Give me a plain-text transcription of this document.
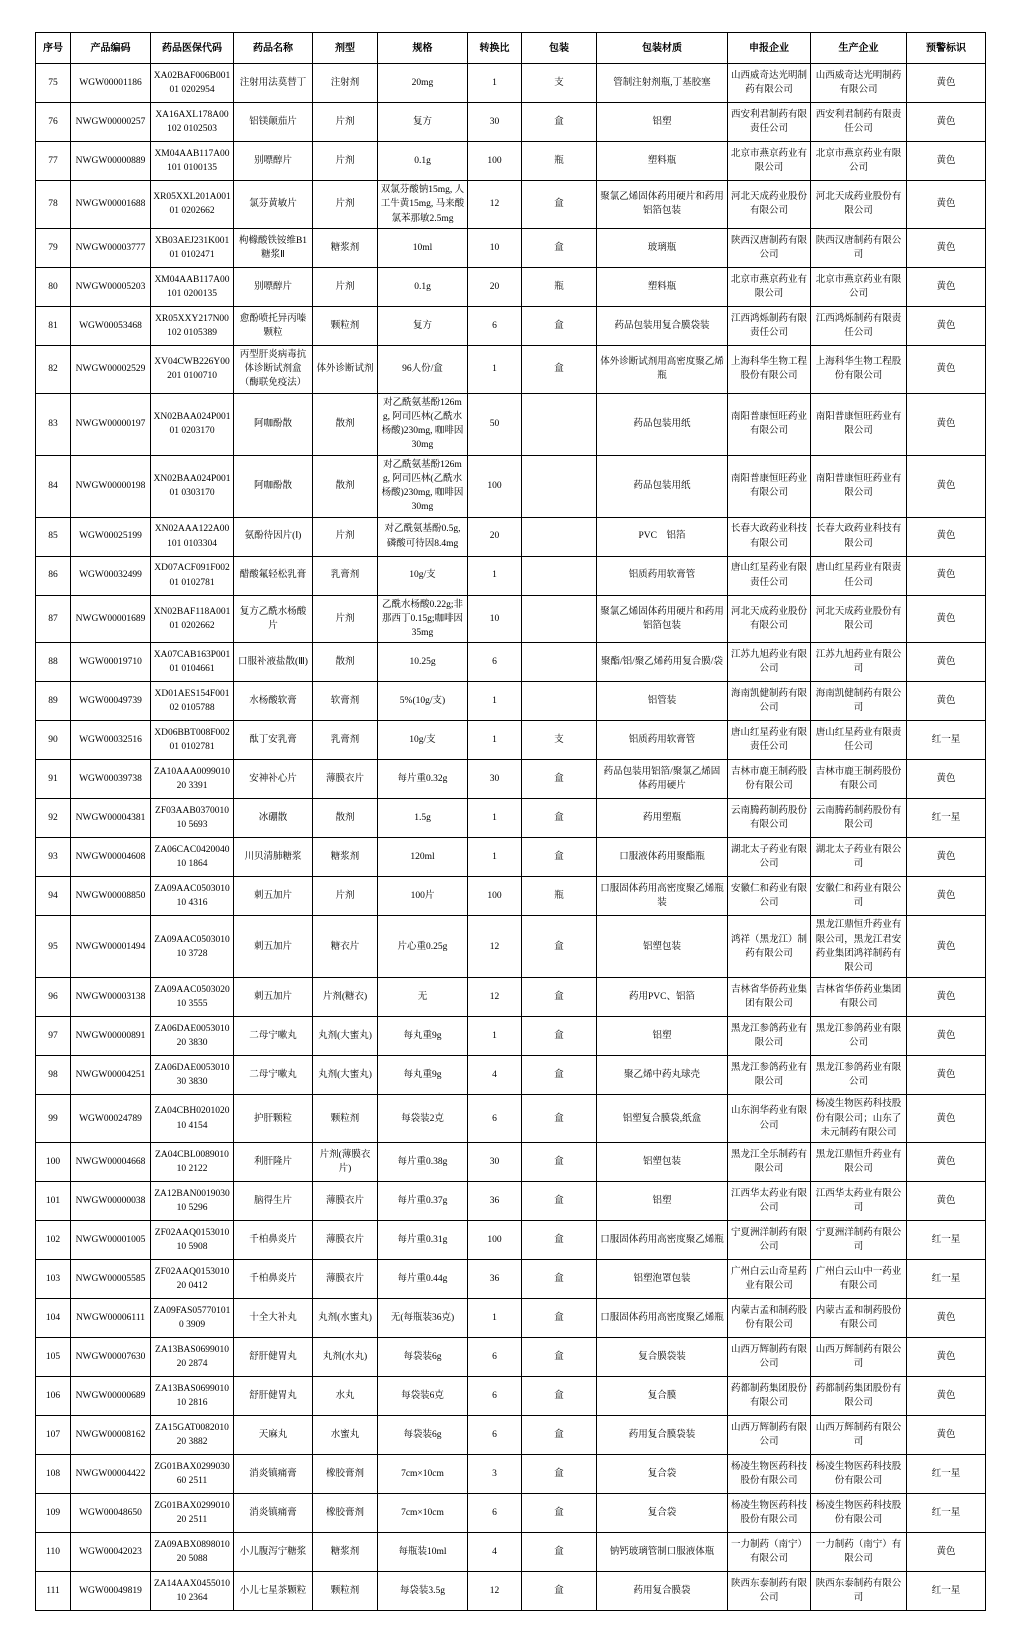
序号	产品编码	药品医保代码	药品名称	剂型	规格	转换比	包装	包装材质	申报企业	生产企业	预警标识
75	WGW00001186	XA02BAF006B00101 0202954	注射用法莫替丁	注射剂	20mg	1	支	管制注射剂瓶,丁基胶塞	山西威奇达光明制药有限公司	山西威奇达光明制药有限公司	黄色
76	NWGW00000257	XA16AXL178A00102 0102503	铝镁颠茄片	片剂	复方	30	盒	铝塑	西安利君制药有限责任公司	西安利君制药有限责任公司	黄色
77	NWGW00000889	XM04AAB117A00101 0100135	别嘌醇片	片剂	0.1g	100	瓶	塑料瓶	北京市燕京药业有限公司	北京市燕京药业有限公司	黄色
78	NWGW00001688	XR05XXL201A00101 0202662	氯芬黄敏片	片剂	双氯芬酸钠15mg, 人工牛黄15mg, 马来酸氯苯那敏2.5mg	12	盒	聚氯乙烯固体药用硬片和药用铝箔包装	河北天成药业股份有限公司	河北天成药业股份有限公司	黄色
79	NWGW00003777	XB03AEJ231K00101 0102471	枸橼酸铁铵维B1糖浆Ⅱ	糖浆剂	10ml	10	盒	玻璃瓶	陕西汉唐制药有限公司	陕西汉唐制药有限公司	黄色
80	NWGW00005203	XM04AAB117A00101 0200135	别嘌醇片	片剂	0.1g	20	瓶	塑料瓶	北京市燕京药业有限公司	北京市燕京药业有限公司	黄色
81	WGW00053468	XR05XXY217N00102 0105389	愈酚喷托异丙嗪颗粒	颗粒剂	复方	6	盒	药品包装用复合膜袋装	江西鸿烁制药有限责任公司	江西鸿烁制药有限责任公司	黄色
82	NWGW00002529	XV04CWB226Y00201 0100710	丙型肝炎病毒抗体诊断试剂盒（酶联免疫法）	体外诊断试剂	96人份/盒	1	盒	体外诊断试剂用高密度聚乙烯瓶	上海科华生物工程股份有限公司	上海科华生物工程股份有限公司	黄色
83	NWGW00000197	XN02BAA024P00101 0203170	阿咖酚散	散剂	对乙酰氨基酚126mg, 阿司匹林(乙酰水杨酸)230mg, 咖啡因30mg	50		药品包装用纸	南阳普康恒旺药业有限公司	南阳普康恒旺药业有限公司	黄色
84	NWGW00000198	XN02BAA024P00101 0303170	阿咖酚散	散剂	对乙酰氨基酚126mg, 阿司匹林(乙酰水杨酸)230mg, 咖啡因30mg	100		药品包装用纸	南阳普康恒旺药业有限公司	南阳普康恒旺药业有限公司	黄色
85	WGW00025199	XN02AAA122A00101 0103304	氨酚待因片(Ⅰ)	片剂	对乙酰氨基酚0.5g, 磷酸可待因8.4mg	20		PVC　铝箔	长春大政药业科技有限公司	长春大政药业科技有限公司	黄色
86	WGW00032499	XD07ACF091F00201 0102781	醋酸氟轻松乳膏	乳膏剂	10g/支	1		铝质药用软膏管	唐山红星药业有限责任公司	唐山红星药业有限责任公司	黄色
87	NWGW00001689	XN02BAF118A00101 0202662	复方乙酰水杨酸片	片剂	乙酰水杨酸0.22g;非那西丁0.15g;咖啡因35mg	10		聚氯乙烯固体药用硬片和药用铝箔包装	河北天成药业股份有限公司	河北天成药业股份有限公司	黄色
88	WGW00019710	XA07CAB163P00101 0104661	口服补液盐散(Ⅲ)	散剂	10.25g	6		聚酯/铝/聚乙烯药用复合膜/袋	江苏九旭药业有限公司	江苏九旭药业有限公司	黄色
89	WGW00049739	XD01AES154F00102 0105788	水杨酸软膏	软膏剂	5%(10g/支)	1		铝管装	海南凯健制药有限公司	海南凯健制药有限公司	黄色
90	WGW00032516	XD06BBT008F00201 0102781	酞丁安乳膏	乳膏剂	10g/支	1	支	铝质药用软膏管	唐山红星药业有限责任公司	唐山红星药业有限责任公司	红一星
91	WGW00039738	ZA10AAA009901020 3391	安神补心片	薄膜衣片	每片重0.32g	30	盒	药品包装用铝箔/聚氯乙烯固体药用硬片	吉林市鹿王制药股份有限公司	吉林市鹿王制药股份有限公司	黄色
92	NWGW00004381	ZF03AAB037001010 5693	冰硼散	散剂	1.5g	1	盒	药用塑瓶	云南腾药制药股份有限公司	云南腾药制药股份有限公司	红一星
93	NWGW00004608	ZA06CAC042004010 1864	川贝清肺糖浆	糖浆剂	120ml	1	盒	口服液体药用聚酯瓶	湖北太子药业有限公司	湖北太子药业有限公司	黄色
94	NWGW00008850	ZA09AAC050301010 4316	刺五加片	片剂	100片	100	瓶	口服固体药用高密度聚乙烯瓶装	安徽仁和药业有限公司	安徽仁和药业有限公司	黄色
95	NWGW00001494	ZA09AAC050301010 3728	刺五加片	糖衣片	片心重0.25g	12	盒	铝塑包装	鸿祥（黑龙江）制药有限公司	黑龙江鼎恒升药业有限公司，黑龙江君安药业集团鸿祥制药有限公司	黄色
96	NWGW00003138	ZA09AAC050302010 3555	刺五加片	片剂(糖衣)	无	12	盒	药用PVC、铝箔	吉林省华侨药业集团有限公司	吉林省华侨药业集团有限公司	黄色
97	NWGW00000891	ZA06DAE005301020 3830	二母宁嗽丸	丸剂(大蜜丸)	每丸重9g	1	盒	铝塑	黑龙江参鸽药业有限公司	黑龙江参鸽药业有限公司	黄色
98	NWGW00004251	ZA06DAE005301030 3830	二母宁嗽丸	丸剂(大蜜丸)	每丸重9g	4	盒	聚乙烯中药丸球壳	黑龙江参鸽药业有限公司	黑龙江参鸽药业有限公司	黄色
99	WGW00024789	ZA04CBH020102010 4154	护肝颗粒	颗粒剂	每袋装2克	6	盒	铝塑复合膜袋,纸盒	山东润华药业有限公司	杨凌生物医药科技股份有限公司；山东了未元制药有限公司	黄色
100	NWGW00004668	ZA04CBL008901010 2122	利肝隆片	片剂(薄膜衣片)	每片重0.38g	30	盒	铝塑包装	黑龙江全乐制药有限公司	黑龙江鼎恒升药业有限公司	黄色
101	NWGW00000038	ZA12BAN001903010 5296	脑得生片	薄膜衣片	每片重0.37g	36	盒	铝塑	江西华太药业有限公司	江西华太药业有限公司	黄色
102	NWGW00001005	ZF02AAQ015301010 5908	千柏鼻炎片	薄膜衣片	每片重0.31g	100	盒	口服固体药用高密度聚乙烯瓶	宁夏洲洋制药有限公司	宁夏洲洋制药有限公司	红一星
103	NWGW00005585	ZF02AAQ015301020 0412	千柏鼻炎片	薄膜衣片	每片重0.44g	36	盒	铝塑泡罩包装	广州白云山奇星药业有限公司	广州白云山中一药业有限公司	红一星
104	NWGW00006111	ZA09FAS057701010 3909	十全大补丸	丸剂(水蜜丸)	无(每瓶装36克)	1	盒	口服固体药用高密度聚乙烯瓶	内蒙古孟和制药股份有限公司	内蒙古孟和制药股份有限公司	黄色
105	NWGW00007630	ZA13BAS069901020 2874	舒肝健胃丸	丸剂(水丸)	每袋装6g	6	盒	复合膜袋装	山西万辉制药有限公司	山西万辉制药有限公司	黄色
106	NWGW00000689	ZA13BAS069901010 2816	舒肝健胃丸	水丸	每袋装6克	6	盒	复合膜	药都制药集团股份有限公司	药都制药集团股份有限公司	黄色
107	NWGW00008162	ZA15GAT008201020 3882	天麻丸	水蜜丸	每袋装6g	6	盒	药用复合膜袋装	山西万辉制药有限公司	山西万辉制药有限公司	黄色
108	NWGW00004422	ZG01BAX029903060 2511	消炎镇痛膏	橡胶膏剂	7cm×10cm	3	盒	复合袋	杨凌生物医药科技股份有限公司	杨凌生物医药科技股份有限公司	红一星
109	WGW00048650	ZG01BAX029901020 2511	消炎镇痛膏	橡胶膏剂	7cm×10cm	6	盒	复合袋	杨凌生物医药科技股份有限公司	杨凌生物医药科技股份有限公司	红一星
110	WGW00042023	ZA09ABX089801020 5088	小儿腹泻宁糖浆	糖浆剂	每瓶装10ml	4	盒	钠钙玻璃管制口服液体瓶	一力制药（南宁）有限公司	一力制药（南宁）有限公司	黄色
111	WGW00049819	ZA14AAX045501010 2364	小儿七星茶颗粒	颗粒剂	每袋装3.5g	12	盒	药用复合膜袋	陕西东泰制药有限公司	陕西东泰制药有限公司	红一星
